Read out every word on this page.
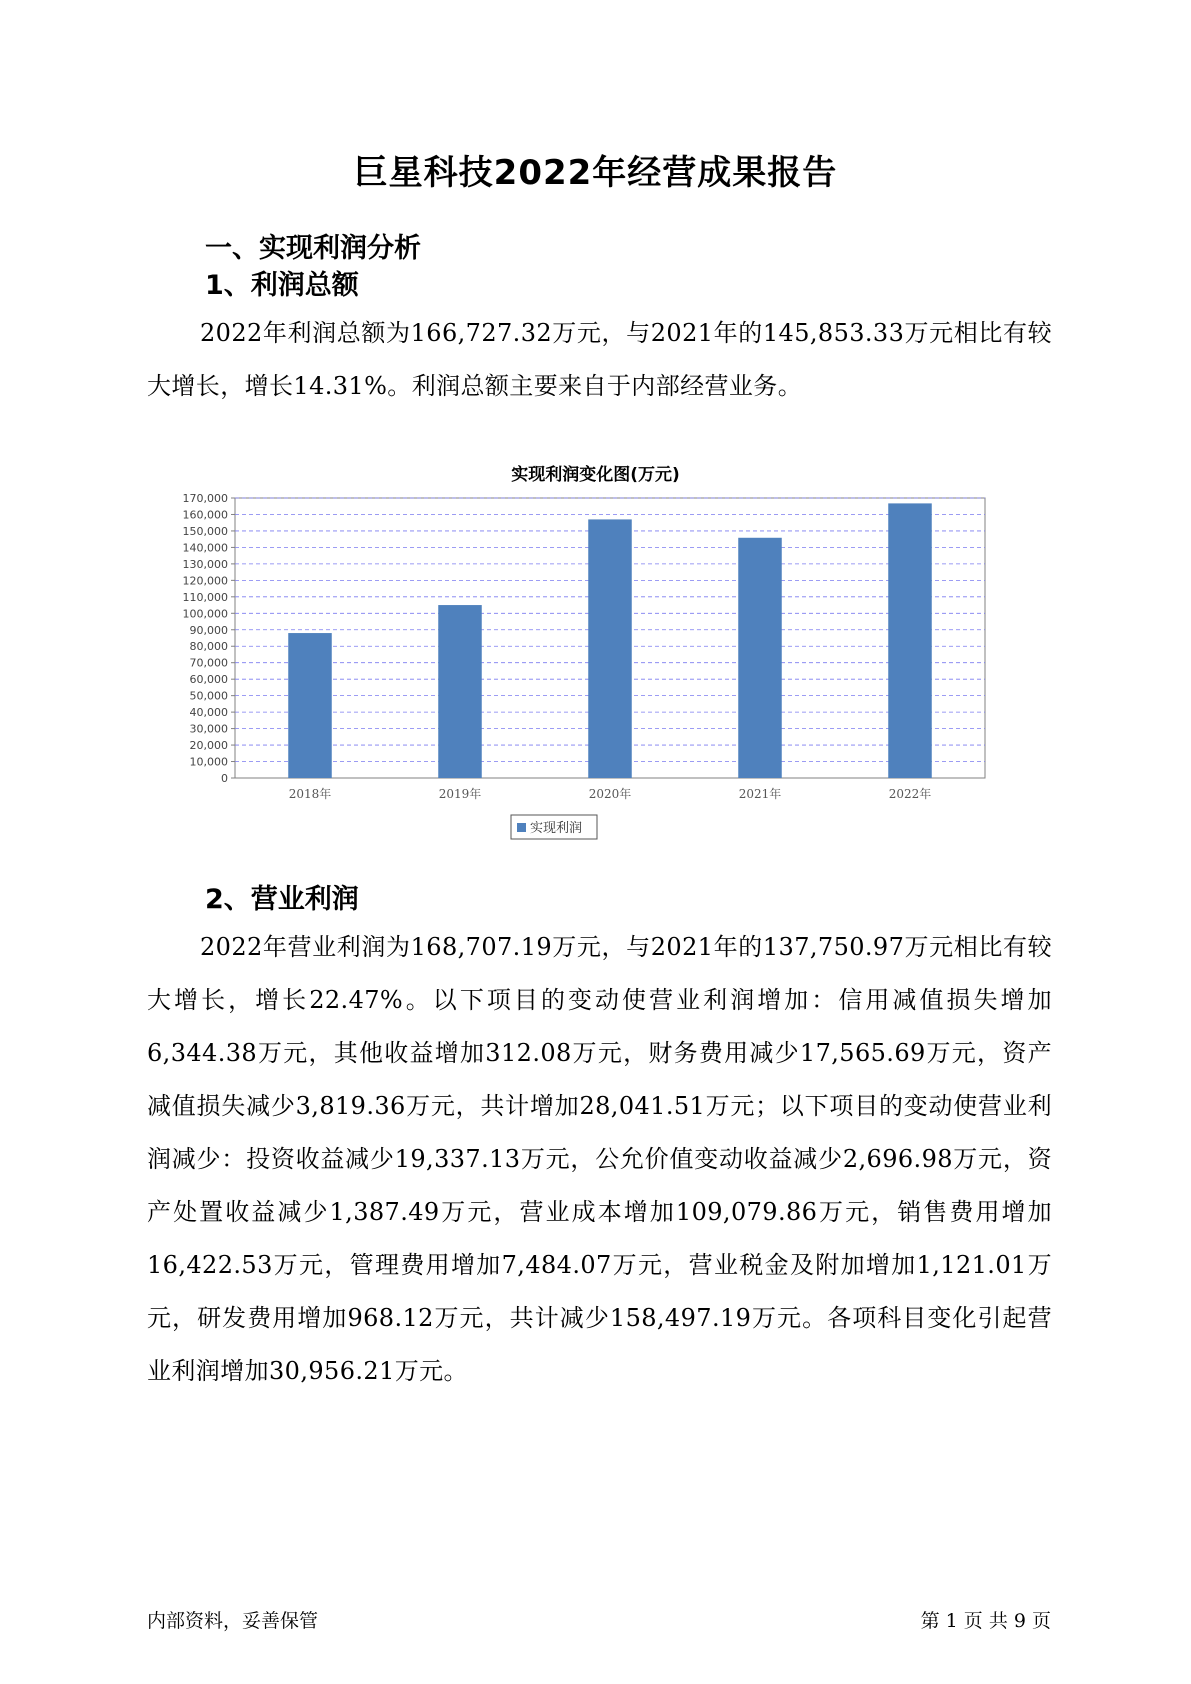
巨星科技2022年经营成果报告
一、实现利润分析
1、利润总额
2022年利润总额为166,727.32万元，与2021年的145,853.33万元相比有较大增长，增长14.31%。利润总额主要来自于内部经营业务。
实现利润变化图(万元)
0
10,000
20,000
30,000
40,000
50,000
60,000
70,000
80,000
90,000
100,000
110,000
120,000
130,000
140,000
150,000
160,000
170,000
2018年	2019年	2020年	2021年	2022年
实现利润
2、营业利润
2022年营业利润为168,707.19万元，与2021年的137,750.97万元相比有较大增长，增长22.47%。以下项目的变动使营业利润增加：信用减值损失增加6,344.38万元，其他收益增加312.08万元，财务费用减少17,565.69万元，资产减值损失减少3,819.36万元，共计增加28,041.51万元；以下项目的变动使营业利润减少：投资收益减少19,337.13万元，公允价值变动收益减少2,696.98万元，资产处置收益减少1,387.49万元，营业成本增加109,079.86万元，销售费用增加16,422.53万元，管理费用增加7,484.07万元，营业税金及附加增加1,121.01万元，研发费用增加968.12万元，共计减少158,497.19万元。各项科目变化引起营业利润增加30,956.21万元。
内部资料，妥善保管	第 1 页 共 9 页
